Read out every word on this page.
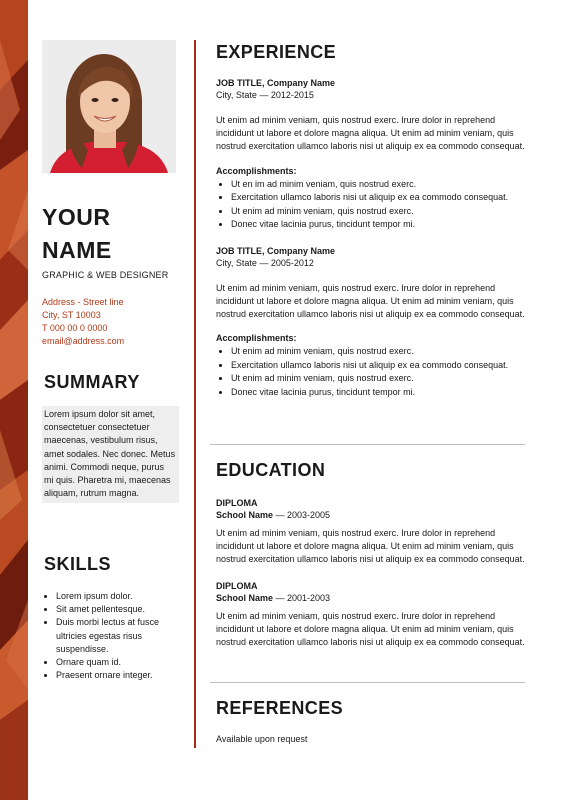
YOUR
NAME
GRAPHIC & WEB DESIGNER
Address - Street line
City, ST 10003
T 000 00 0 0000
email@address.com
SUMMARY
Lorem ipsum dolor sit amet, consectetuer consectetuer maecenas, vestibulum risus, amet sodales. Nec donec. Metus animi. Commodi neque, purus mi quis. Pharetra mi, maecenas aliquam, rutrum magna.
SKILLS
• Lorem ipsum dolor.
• Sit amet pellentesque.
• Duis morbi lectus at fusce ultricies egestas risus suspendisse.
• Ornare quam id.
• Praesent ornare integer.
EXPERIENCE
JOB TITLE, Company Name
City, State — 2012-2015
Ut enim ad minim veniam, quis nostrud exerc. Irure dolor in reprehend incididunt ut labore et dolore magna aliqua. Ut enim ad minim veniam, quis nostrud exercitation ullamco laboris nisi ut aliquip ex ea commodo consequat.
Accomplishments:
• Ut en im ad minim veniam, quis nostrud exerc.
• Exercitation ullamco laboris nisi ut aliquip ex ea commodo consequat.
• Ut enim ad minim veniam, quis nostrud exerc.
• Donec vitae lacinia purus, tincidunt tempor mi.
JOB TITLE, Company Name
City, State — 2005-2012
Ut enim ad minim veniam, quis nostrud exerc. Irure dolor in reprehend incididunt ut labore et dolore magna aliqua. Ut enim ad minim veniam, quis nostrud exercitation ullamco laboris nisi ut aliquip ex ea commodo consequat.
Accomplishments:
• Ut enim ad minim veniam, quis nostrud exerc.
• Exercitation ullamco laboris nisi ut aliquip ex ea commodo consequat.
• Ut enim ad minim veniam, quis nostrud exerc.
• Donec vitae lacinia purus, tincidunt tempor mi.
EDUCATION
DIPLOMA
School Name — 2003-2005
Ut enim ad minim veniam, quis nostrud exerc. Irure dolor in reprehend incididunt ut labore et dolore magna aliqua. Ut enim ad minim veniam, quis nostrud exercitation ullamco laboris nisi ut aliquip ex ea commodo consequat.
DIPLOMA
School Name — 2001-2003
Ut enim ad minim veniam, quis nostrud exerc. Irure dolor in reprehend incididunt ut labore et dolore magna aliqua. Ut enim ad minim veniam, quis nostrud exercitation ullamco laboris nisi ut aliquip ex ea commodo consequat.
REFERENCES
Available upon request
